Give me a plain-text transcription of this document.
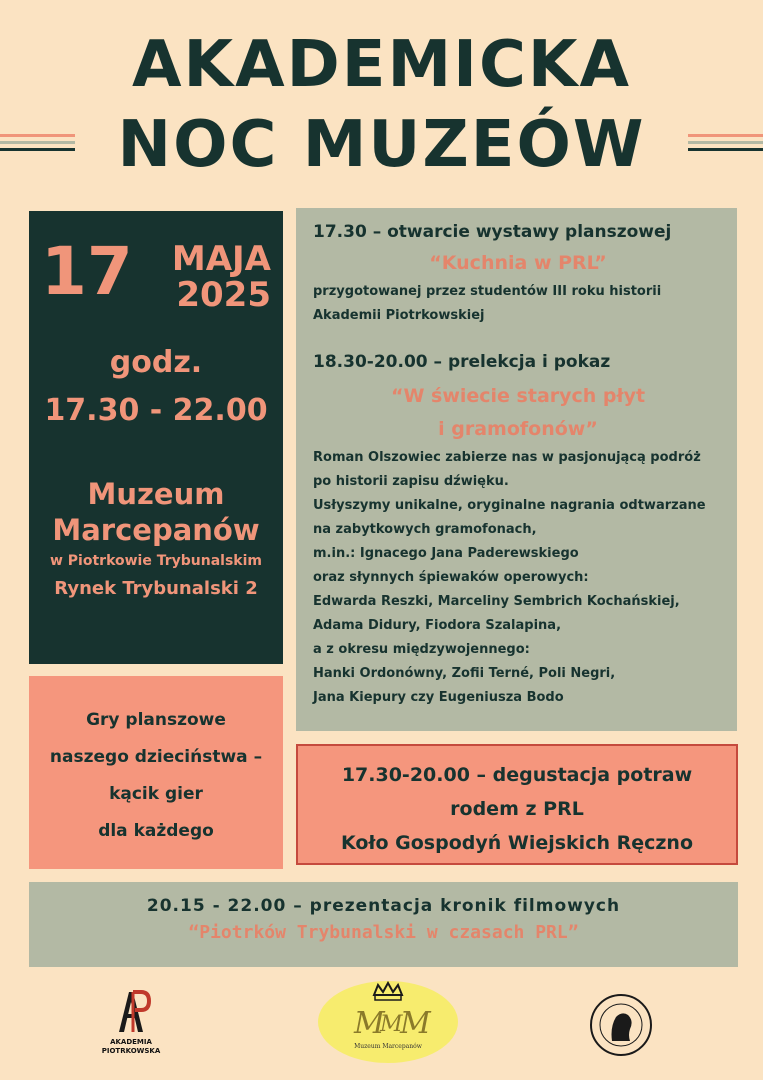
AKADEMICKA
NOC MUZEÓW
17	MAJA
2025
godz.
17.30 - 22.00
Muzeum
Marcepanów
w Piotrkowie Trybunalskim
Rynek Trybunalski 2
Gry planszowe
naszego dzieciństwa –
kącik gier
dla każdego
17.30 – otwarcie wystawy planszowej
“Kuchnia w PRL”
przygotowanej przez studentów III roku historii
Akademii Piotrkowskiej
18.30-20.00 – prelekcja i pokaz
“W świecie starych płyt
i gramofonów”
Roman Olszowiec zabierze nas w pasjonującą podróż
po historii zapisu dźwięku.
Usłyszymy unikalne, oryginalne nagrania odtwarzane
na zabytkowych gramofonach,
m.in.: Ignacego Jana Paderewskiego
oraz słynnych śpiewaków operowych:
Edwarda Reszki, Marceliny Sembrich Kochańskiej,
Adama Didury, Fiodora Szalapina,
a z okresu międzywojennego:
Hanki Ordonówny, Zofii Terné, Poli Negri,
Jana Kiepury czy Eugeniusza Bodo
17.30-20.00 – degustacja potraw
rodem z PRL
Koło Gospodyń Wiejskich Ręczno
20.15 - 22.00 – prezentacja kronik filmowych
“Piotrków Trybunalski w czasach PRL”
AKADEMIA
PIOTRKOWSKA
M
M
M
Muzeum Marcepanów
